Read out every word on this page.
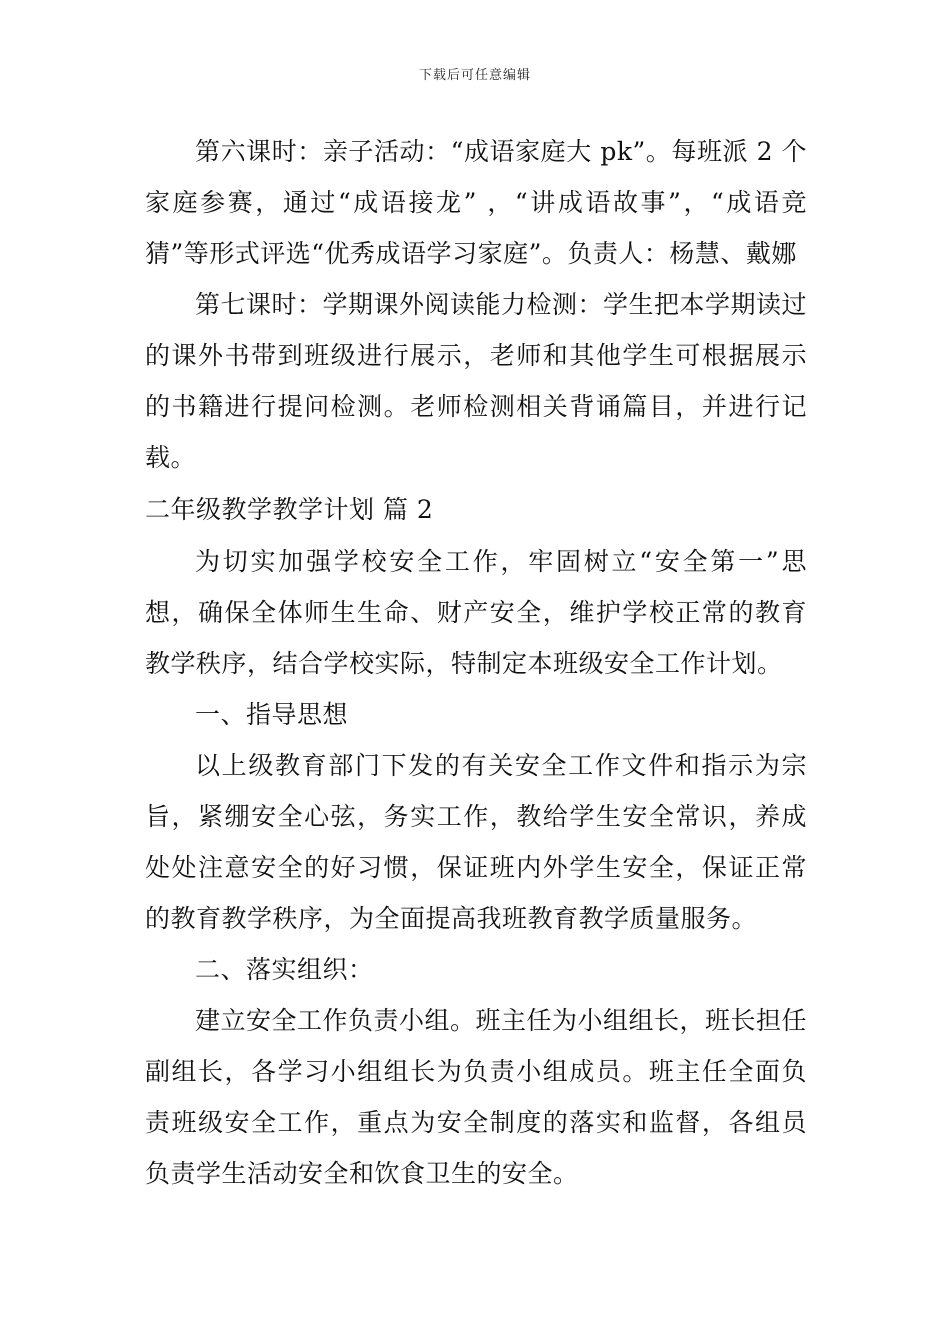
下载后可任意编辑

第六课时：亲子活动：“成语家庭大 pk”。每班派 2 个家庭参赛，通过“成语接龙” ，“讲成语故事”，“成语竞猜”等形式评选“优秀成语学习家庭”。负责人：杨慧、戴娜

第七课时：学期课外阅读能力检测：学生把本学期读过的课外书带到班级进行展示，老师和其他学生可根据展示的书籍进行提问检测。老师检测相关背诵篇目，并进行记载。

二年级教学教学计划 篇 2

为切实加强学校安全工作，牢固树立“安全第一”思想，确保全体师生生命、财产安全，维护学校正常的教育教学秩序，结合学校实际，特制定本班级安全工作计划。

一、指导思想

以上级教育部门下发的有关安全工作文件和指示为宗旨，紧绷安全心弦，务实工作，教给学生安全常识，养成处处注意安全的好习惯，保证班内外学生安全，保证正常的教育教学秩序，为全面提高我班教育教学质量服务。

二、落实组织：

建立安全工作负责小组。班主任为小组组长，班长担任副组长，各学习小组组长为负责小组成员。班主任全面负责班级安全工作，重点为安全制度的落实和监督，各组员负责学生活动安全和饮食卫生的安全。
